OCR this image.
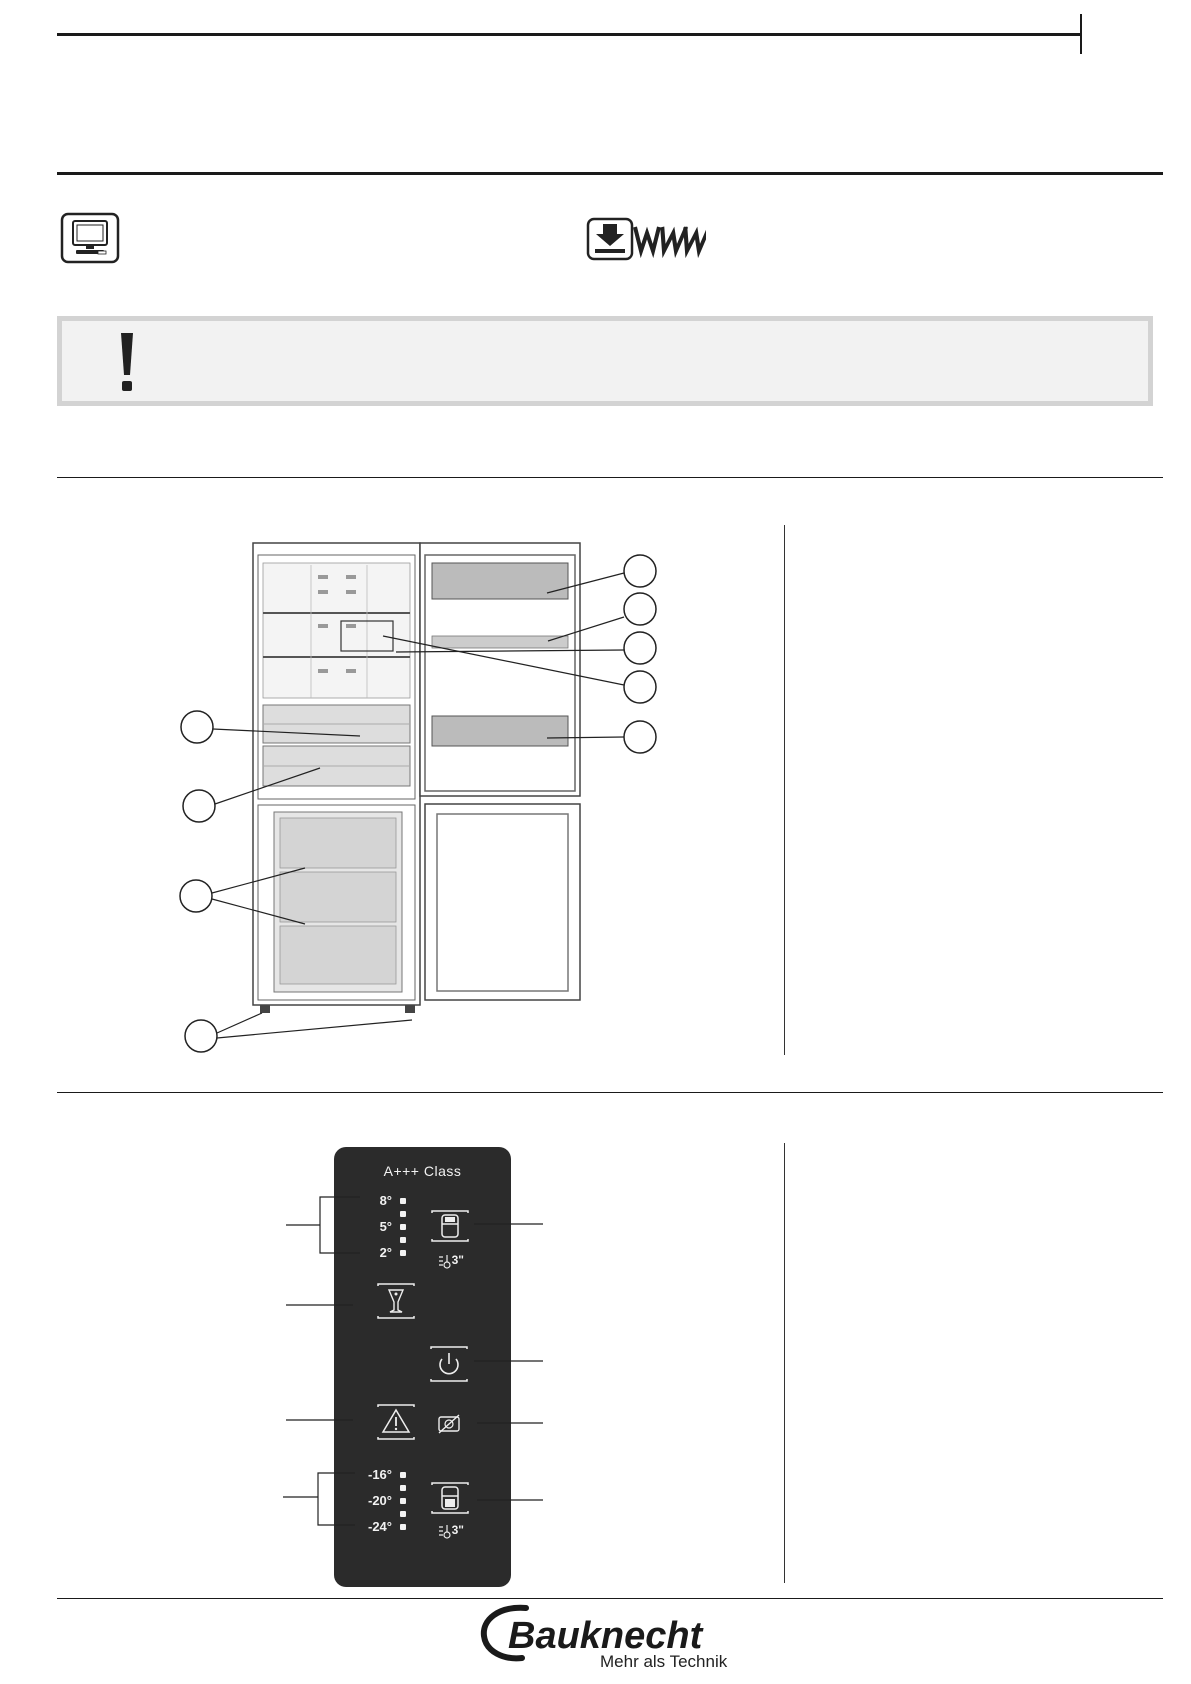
A+++ Class
8°
5°
2°	3"
-16°
-20°
-24°	3"
Bauknecht
Mehr als Technik
